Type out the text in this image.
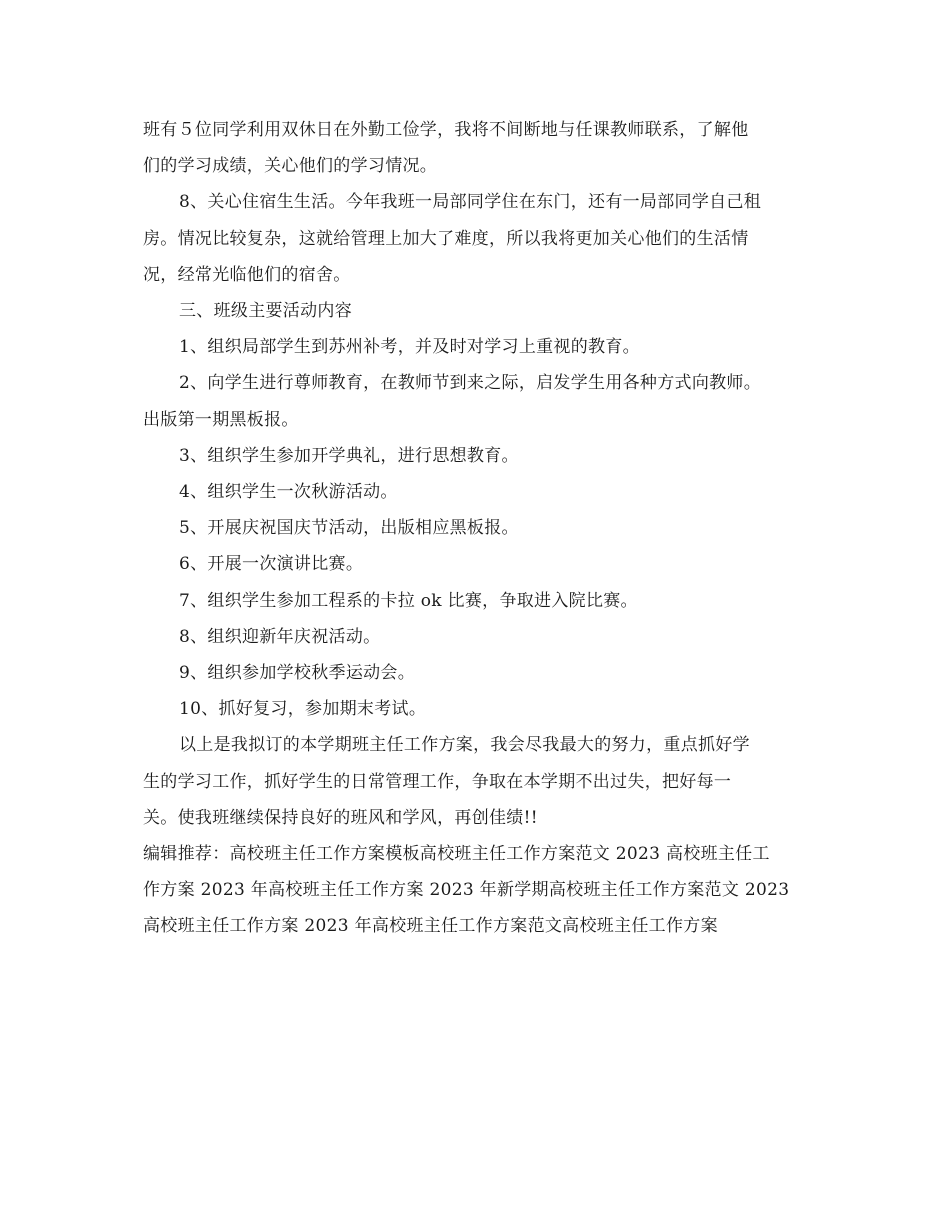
班有５位同学利用双休日在外勤工俭学，我将不间断地与任课教师联系，了解他
们的学习成绩，关心他们的学习情况。

8、关心住宿生生活。今年我班一局部同学住在东门，还有一局部同学自己租
房。情况比较复杂，这就给管理上加大了难度，所以我将更加关心他们的生活情
况，经常光临他们的宿舍。

三、班级主要活动内容

1、组织局部学生到苏州补考，并及时对学习上重视的教育。

2、向学生进行尊师教育，在教师节到来之际，启发学生用各种方式向教师。
出版第一期黑板报。

3、组织学生参加开学典礼，进行思想教育。

4、组织学生一次秋游活动。

5、开展庆祝国庆节活动，出版相应黑板报。

6、开展一次演讲比赛。

7、组织学生参加工程系的卡拉 ok 比赛，争取进入院比赛。

8、组织迎新年庆祝活动。

9、组织参加学校秋季运动会。

10、抓好复习，参加期末考试。

以上是我拟订的本学期班主任工作方案，我会尽我最大的努力，重点抓好学
生的学习工作，抓好学生的日常管理工作，争取在本学期不出过失，把好每一
关。使我班继续保持良好的班风和学风，再创佳绩!!

编辑推荐：高校班主任工作方案模板高校班主任工作方案范文 2023 高校班主任工
作方案 2023 年高校班主任工作方案 2023 年新学期高校班主任工作方案范文 2023
高校班主任工作方案 2023 年高校班主任工作方案范文高校班主任工作方案
